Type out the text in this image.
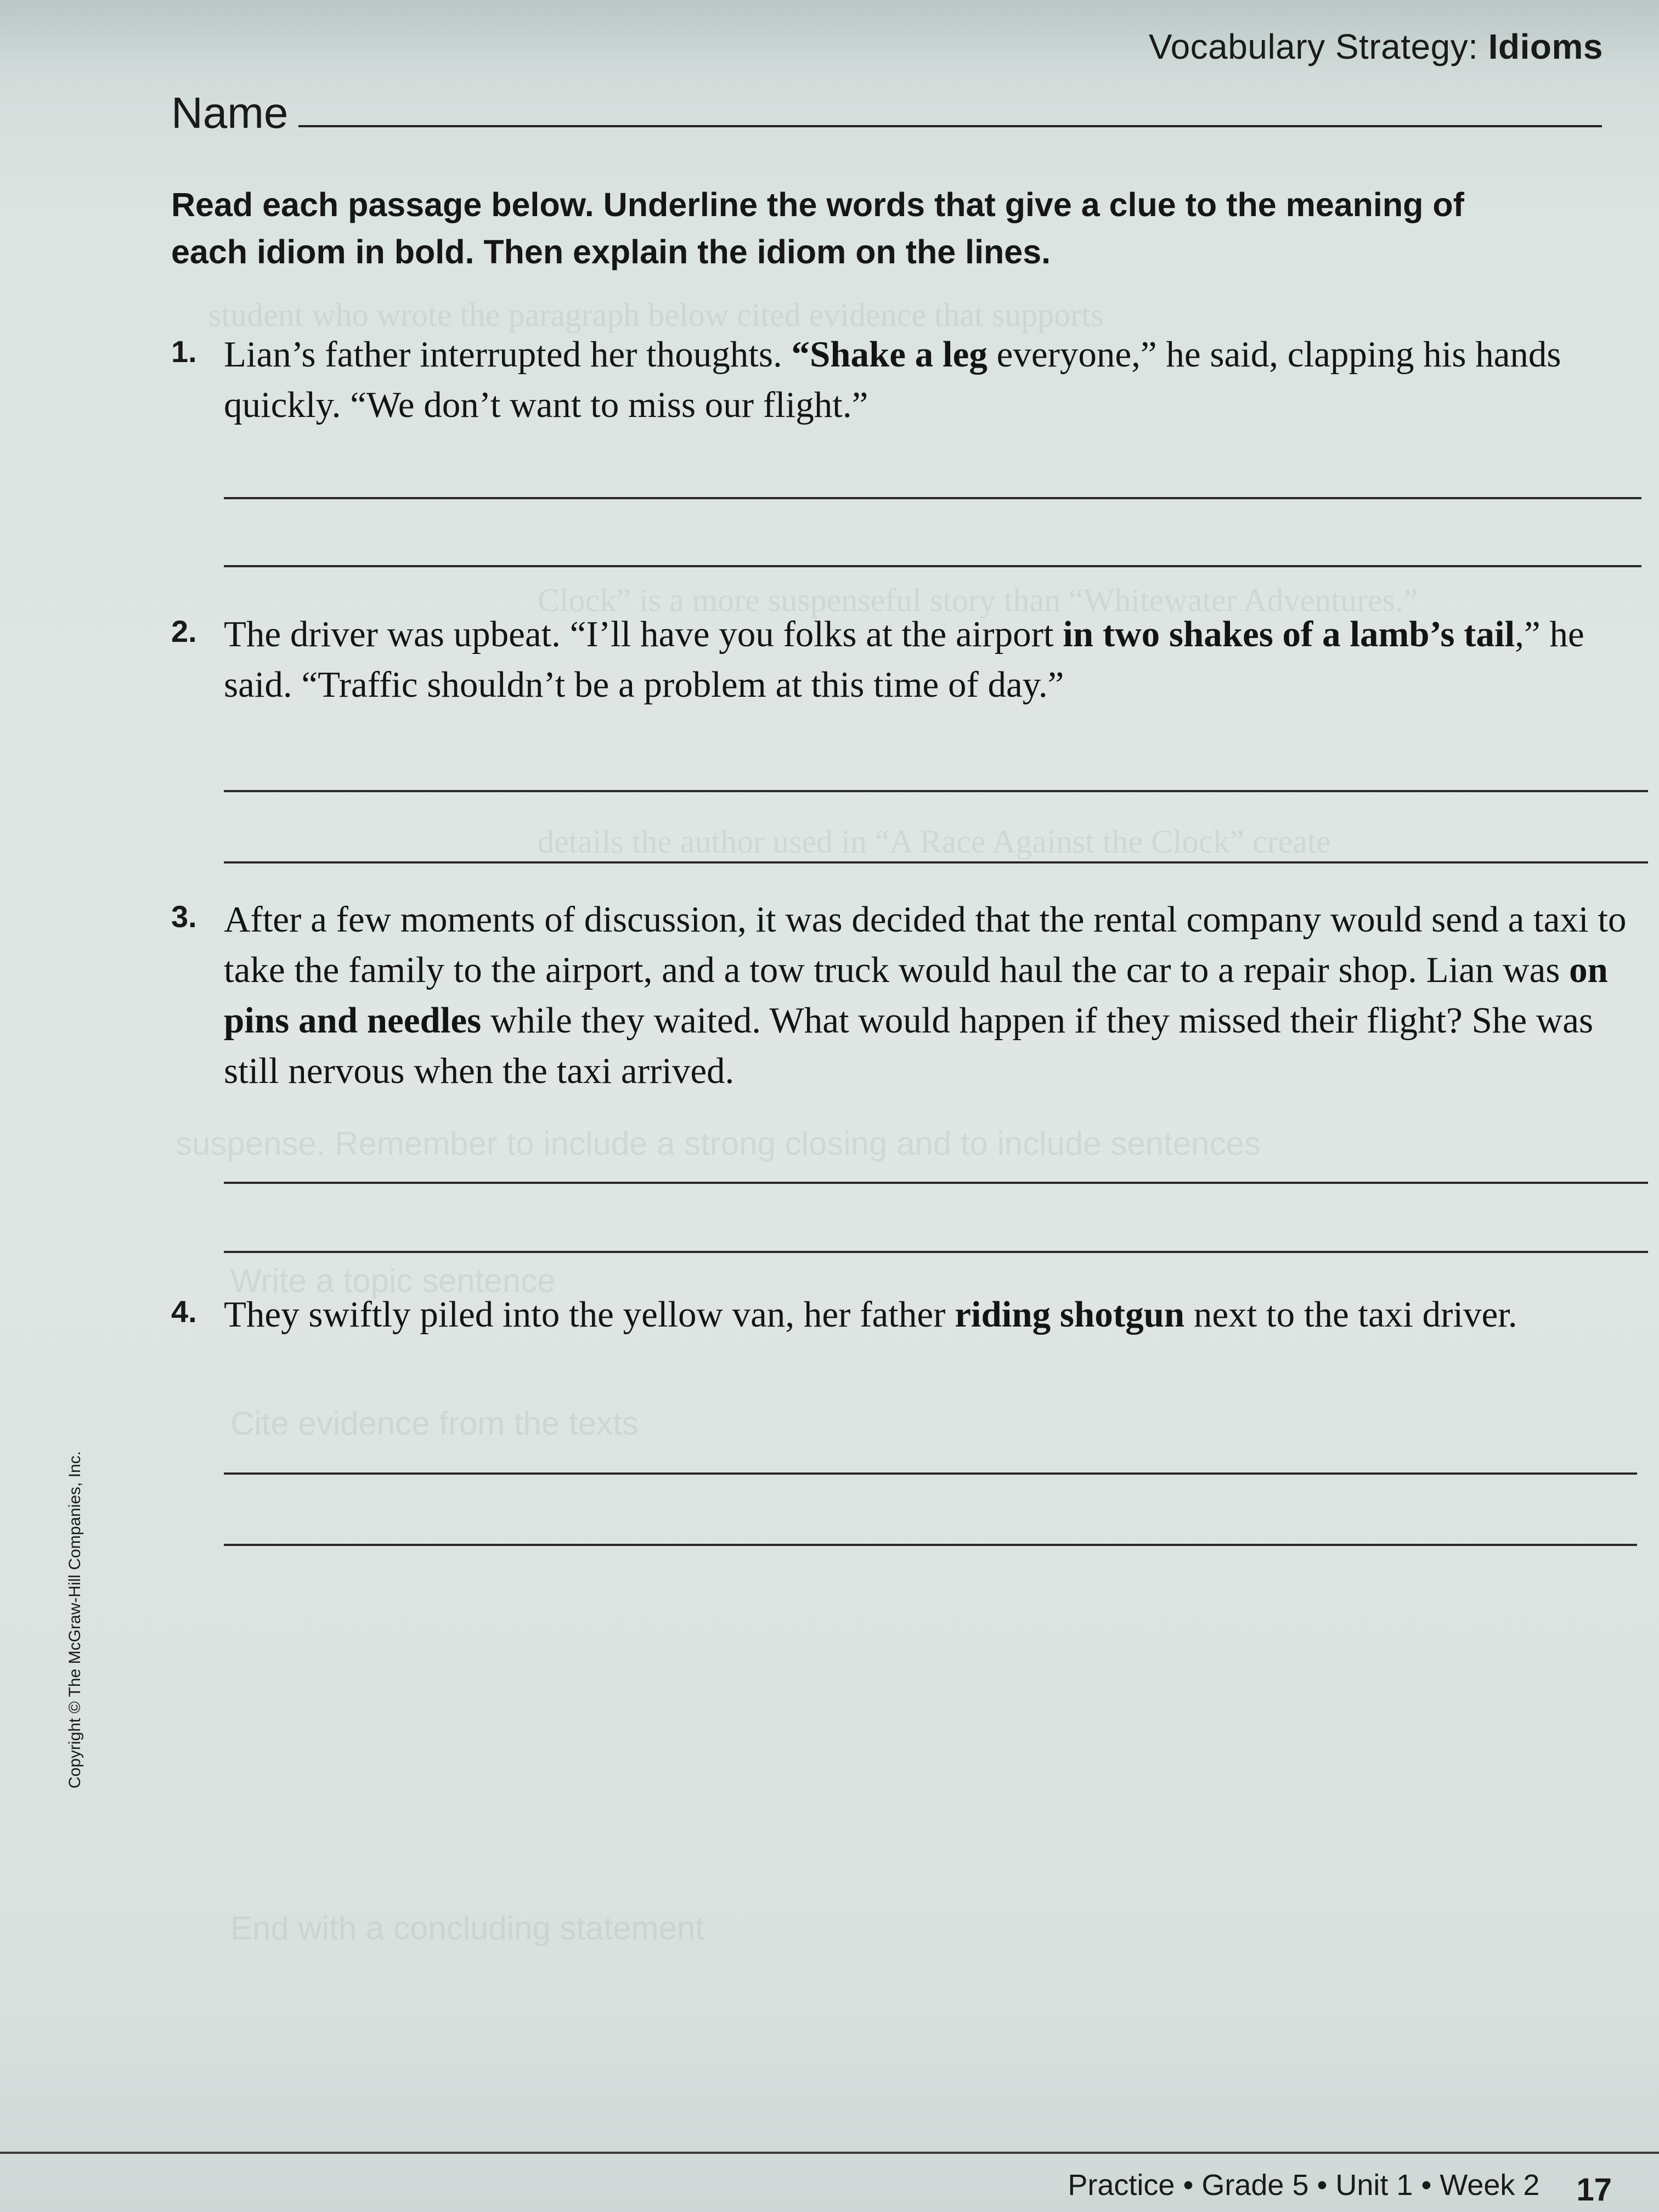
student who wrote the paragraph below cited evidence that supports
Clock” is a more suspenseful story than “Whitewater Adventures.”
details the author used in “A Race Against the Clock” create
suspense. Remember to include a strong closing and to include sentences
Write a topic sentence
Cite evidence from the texts
End with a concluding statement
Vocabulary Strategy: Idioms
Name
Read each passage below. Underline the words that give a clue to the meaning of each idiom in bold. Then explain the idiom on the lines.
1. Lian’s father interrupted her thoughts. “Shake a leg everyone,” he said, clapping his hands quickly. “We don’t want to miss our flight.”
2. The driver was upbeat. “I’ll have you folks at the airport in two shakes of a lamb’s tail,” he said. “Traffic shouldn’t be a problem at this time of day.”
3. After a few moments of discussion, it was decided that the rental company would send a taxi to take the family to the airport, and a tow truck would haul the car to a repair shop. Lian was on pins and needles while they waited. What would happen if they missed their flight? She was still nervous when the taxi arrived.
4. They swiftly piled into the yellow van, her father riding shotgun next to the taxi driver.
Copyright © The McGraw-Hill Companies, Inc.
Practice • Grade 5 • Unit 1 • Week 2 17
